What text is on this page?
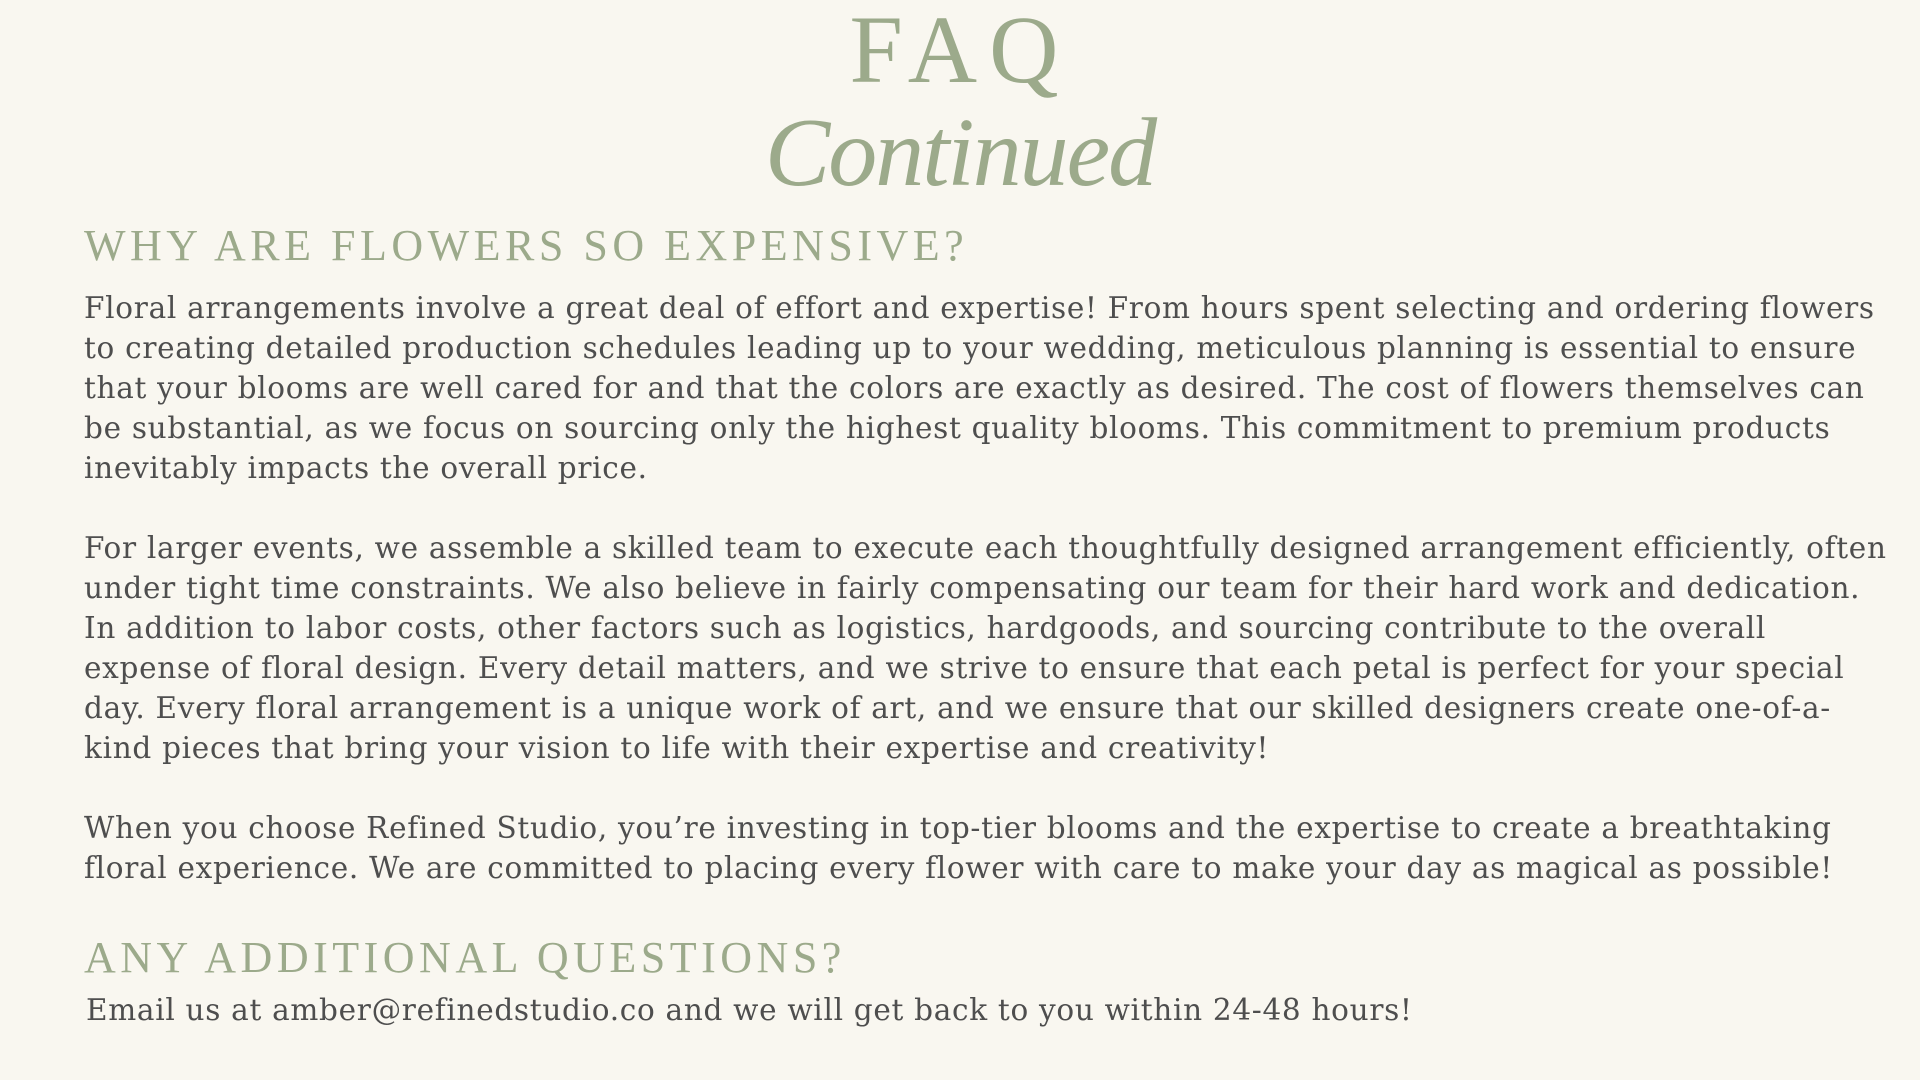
FAQ
Continued
WHY ARE FLOWERS SO EXPENSIVE?

Floral arrangements involve a great deal of effort and expertise! From hours spent selecting and ordering flowers
to creating detailed production schedules leading up to your wedding, meticulous planning is essential to ensure
that your blooms are well cared for and that the colors are exactly as desired. The cost of flowers themselves can
be substantial, as we focus on sourcing only the highest quality blooms. This commitment to premium products
inevitably impacts the overall price.

For larger events, we assemble a skilled team to execute each thoughtfully designed arrangement efficiently, often
under tight time constraints. We also believe in fairly compensating our team for their hard work and dedication.
In addition to labor costs, other factors such as logistics, hardgoods, and sourcing contribute to the overall
expense of floral design. Every detail matters, and we strive to ensure that each petal is perfect for your special
day. Every floral arrangement is a unique work of art, and we ensure that our skilled designers create one-of-a-
kind pieces that bring your vision to life with their expertise and creativity!

When you choose Refined Studio, you’re investing in top-tier blooms and the expertise to create a breathtaking
floral experience. We are committed to placing every flower with care to make your day as magical as possible!

ANY ADDITIONAL QUESTIONS?

Email us at amber@refinedstudio.co and we will get back to you within 24-48 hours!
